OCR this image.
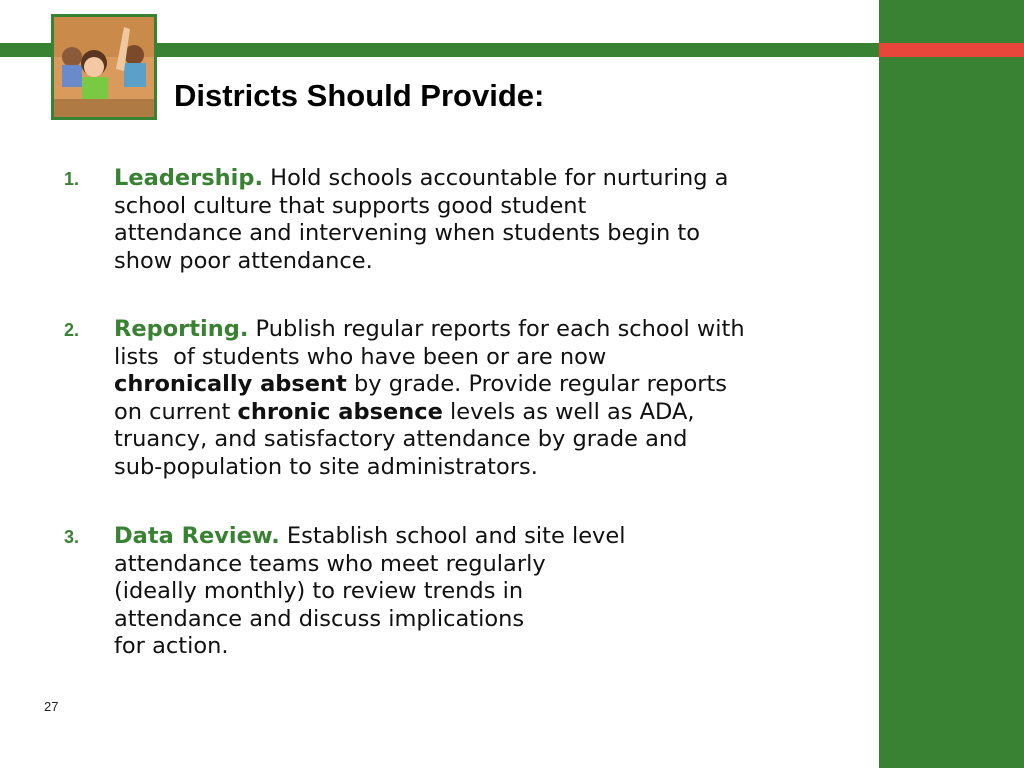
Districts Should Provide:
1.	Leadership. Hold schools accountable for nurturing a
school culture that supports good student
attendance and intervening when students begin to
show poor attendance.
2.	Reporting. Publish regular reports for each school with
lists  of students who have been or are now
chronically absent by grade. Provide regular reports
on current chronic absence levels as well as ADA,
truancy, and satisfactory attendance by grade and
sub-population to site administrators.
3.	Data Review. Establish school and site level
attendance teams who meet regularly
(ideally monthly) to review trends in
attendance and discuss implications
for action.
27
